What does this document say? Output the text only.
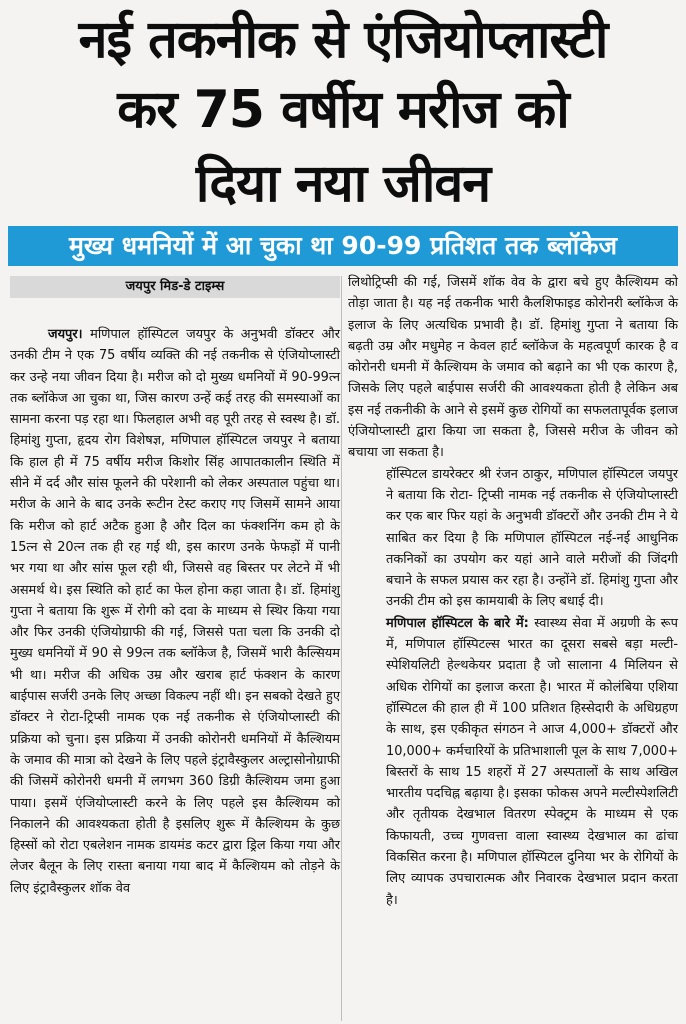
नई तकनीक से एंजियोप्लास्टी
कर 75 वर्षीय मरीज को
दिया नया जीवन
मुख्य धमनियों में आ चुका था 90-99 प्रतिशत तक ब्लॉकेज
जयपुर मिड-डे टाइम्स

जयपुर। मणिपाल हॉस्पिटल जयपुर के अनुभवी डॉक्टर और उनकी टीम ने एक 75 वर्षीय व्यक्ति की नई तकनीक से एंजियोप्लास्टी कर उन्हे नया जीवन दिया है। मरीज को दो मुख्य धमनियों में 90-99त्न तक ब्लॉकेज आ चुका था, जिस कारण उन्हें कई तरह की समस्याओं का सामना करना पड़ रहा था। फिलहाल अभी वह पूरी तरह से स्वस्थ है। डॉ. हिमांशु गुप्ता, हृदय रोग विशेषज्ञ, मणिपाल हॉस्पिटल जयपुर ने बताया कि हाल ही में 75 वर्षीय मरीज किशोर सिंह आपातकालीन स्थिति में सीने में दर्द और सांस फूलने की परेशानी को लेकर अस्पताल पहुंचा था। मरीज के आने के बाद उनके रूटीन टेस्ट कराए गए जिसमें सामने आया कि मरीज को हार्ट अटैक हुआ है और दिल का फंक्शनिंग कम हो के 15त्न से 20त्न तक ही रह गई थी, इस कारण उनके फेफड़ों में पानी भर गया था और सांस फूल रही थी, जिससे वह बिस्तर पर लेटने में भी असमर्थ थे। इस स्थिति को हार्ट का फेल होना कहा जाता है। डॉ. हिमांशु गुप्ता ने बताया कि शुरू में रोगी को दवा के माध्यम से स्थिर किया गया और फिर उनकी एंजियोग्राफी की गई, जिससे पता चला कि उनकी दो मुख्य धमनियों में 90 से 99त्न तक ब्लॉकेज है, जिसमें भारी कैल्सियम भी था। मरीज की अधिक उम्र और खराब हार्ट फंक्शन के कारण बाईपास सर्जरी उनके लिए अच्छा विकल्प नहीं थी। इन सबको देखते हुए डॉक्टर ने रोटा-ट्रिप्सी नामक एक नई तकनीक से एंजियोप्लास्टी की प्रक्रिया को चुना। इस प्रक्रिया में उनकी कोरोनरी धमनियों में कैल्शियम के जमाव की मात्रा को देखने के लिए पहले इंट्रावैस्कुलर अल्ट्रासोनोग्राफी की जिसमें कोरोनरी धमनी में लगभग 360 डिग्री कैल्शियम जमा हुआ पाया। इसमें एंजियोप्लास्टी करने के लिए पहले इस कैल्शियम को निकालने की आवश्यकता होती है इसलिए शुरू में कैल्शियम के कुछ हिस्सों को रोटा एबलेशन नामक डायमंड कटर द्वारा ड्रिल किया गया और लेजर बैलून के लिए रास्ता बनाया गया बाद में कैल्शियम को तोड़ने के लिए इंट्रावैस्कुलर शॉक वेव

लिथोट्रिप्सी की गई, जिसमें शॉक वेव के द्वारा बचे हुए कैल्शियम को तोड़ा जाता है। यह नई तकनीक भारी कैलशिफाइड कोरोनरी ब्लॉकेज के इलाज के लिए अत्यधिक प्रभावी है। डॉ. हिमांशु गुप्ता ने बताया कि बढ़ती उम्र और मधुमेह न केवल हार्ट ब्लॉकेज के महत्वपूर्ण कारक है व कोरोनरी धमनी में कैल्शियम के जमाव को बढ़ाने का भी एक कारण है, जिसके लिए पहले बाईपास सर्जरी की आवश्यकता होती है लेकिन अब इस नई तकनीकी के आने से इसमें कुछ रोगियों का सफलतापूर्वक इलाज एंजियोप्लास्टी द्वारा किया जा सकता है, जिससे मरीज के जीवन को बचाया जा सकता है।

हॉस्पिटल डायरेक्टर श्री रंजन ठाकुर, मणिपाल हॉस्पिटल जयपुर ने बताया कि रोटा- ट्रिप्सी नामक नई तकनीक से एंजियोप्लास्टी कर एक बार फिर यहां के अनुभवी डॉक्टरों और उनकी टीम ने ये साबित कर दिया है कि मणिपाल हॉस्पिटल नई-नई आधुनिक तकनिकों का उपयोग कर यहां आने वाले मरीजों की जिंदगी बचाने के सफल प्रयास कर रहा है। उन्होंने डॉ. हिमांशु गुप्ता और उनकी टीम को इस कामयाबी के लिए बधाई दी।

मणिपाल हॉस्पिटल के बारे में: स्वास्थ्य सेवा में अग्रणी के रूप में, मणिपाल हॉस्पिटल्स भारत का दूसरा सबसे बड़ा मल्टी-स्पेशियलिटी हेल्थकेयर प्रदाता है जो सालाना 4 मिलियन से अधिक रोगियों का इलाज करता है। भारत में कोलंबिया एशिया हॉस्पिटल की हाल ही में 100 प्रतिशत हिस्सेदारी के अधिग्रहण के साथ, इस एकीकृत संगठन ने आज 4,000+ डॉक्टरों और 10,000+ कर्मचारियों के प्रतिभाशाली पूल के साथ 7,000+ बिस्तरों के साथ 15 शहरों में 27 अस्पतालों के साथ अखिल भारतीय पदचिह्न बढ़ाया है। इसका फोकस अपने मल्टीस्पेशलिटी और तृतीयक देखभाल वितरण स्पेक्ट्रम के माध्यम से एक किफायती, उच्च गुणवत्ता वाला स्वास्थ्य देखभाल का ढांचा विकसित करना है। मणिपाल हॉस्पिटल दुनिया भर के रोगियों के लिए व्यापक उपचारात्मक और निवारक देखभाल प्रदान करता है।
